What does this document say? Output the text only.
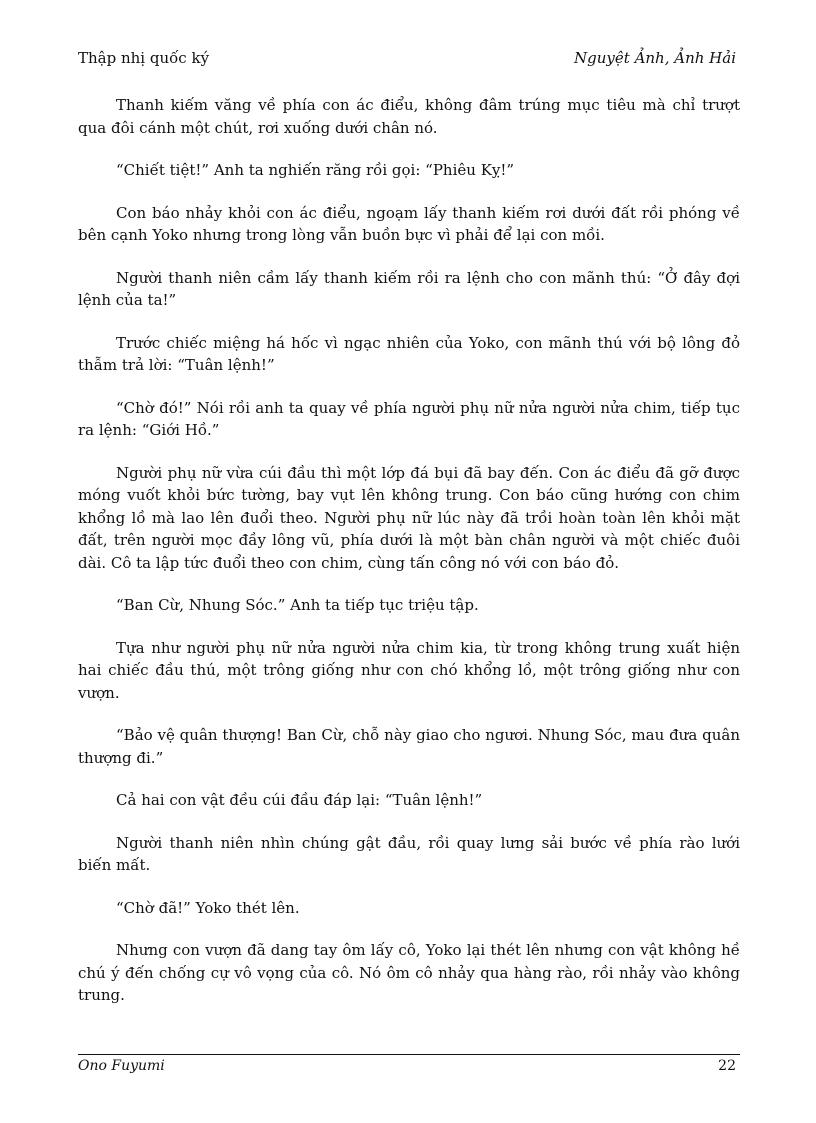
Thập nhị quốc ký	Nguyệt Ảnh, Ảnh Hải

Thanh kiếm văng về phía con ác điểu, không đâm trúng mục tiêu mà chỉ trượt qua đôi cánh một chút, rơi xuống dưới chân nó.

“Chiết tiệt!” Anh ta nghiến răng rồi gọi: “Phiêu Kỵ!”

Con báo nhảy khỏi con ác điểu, ngoạm lấy thanh kiếm rơi dưới đất rồi phóng về bên cạnh Yoko nhưng trong lòng vẫn buồn bực vì phải để lại con mồi.

Người thanh niên cầm lấy thanh kiếm rồi ra lệnh cho con mãnh thú: “Ở đây đợi lệnh của ta!”

Trước chiếc miệng há hốc vì ngạc nhiên của Yoko, con mãnh thú với bộ lông đỏ thẫm trả lời: “Tuân lệnh!”

“Chờ đó!” Nói rồi anh ta quay về phía người phụ nữ nửa người nửa chim, tiếp tục ra lệnh: “Giới Hồ.”

Người phụ nữ vừa cúi đầu thì một lớp đá bụi đã bay đến. Con ác điểu đã gỡ được móng vuốt khỏi bức tường, bay vụt lên không trung. Con báo cũng hướng con chim khổng lồ mà lao lên đuổi theo. Người phụ nữ lúc này đã trồi hoàn toàn lên khỏi mặt đất, trên người mọc đầy lông vũ, phía dưới là một bàn chân người và một chiếc đuôi dài. Cô ta lập tức đuổi theo con chim, cùng tấn công nó với con báo đỏ.

“Ban Cừ, Nhung Sóc.” Anh ta tiếp tục triệu tập.

Tựa như người phụ nữ nửa người nửa chim kia, từ trong không trung xuất hiện hai chiếc đầu thú, một trông giống như con chó khổng lồ, một trông giống như con vượn.

“Bảo vệ quân thượng! Ban Cừ, chỗ này giao cho ngươi. Nhung Sóc, mau đưa quân thượng đi.”

Cả hai con vật đều cúi đầu đáp lại: “Tuân lệnh!”

Người thanh niên nhìn chúng gật đầu, rồi quay lưng sải bước về phía rào lưới biến mất.

“Chờ đã!” Yoko thét lên.

Nhưng con vượn đã dang tay ôm lấy cô, Yoko lại thét lên nhưng con vật không hề chú ý đến chống cự vô vọng của cô. Nó ôm cô nhảy qua hàng rào, rồi nhảy vào không trung.

Ono Fuyumi	22
